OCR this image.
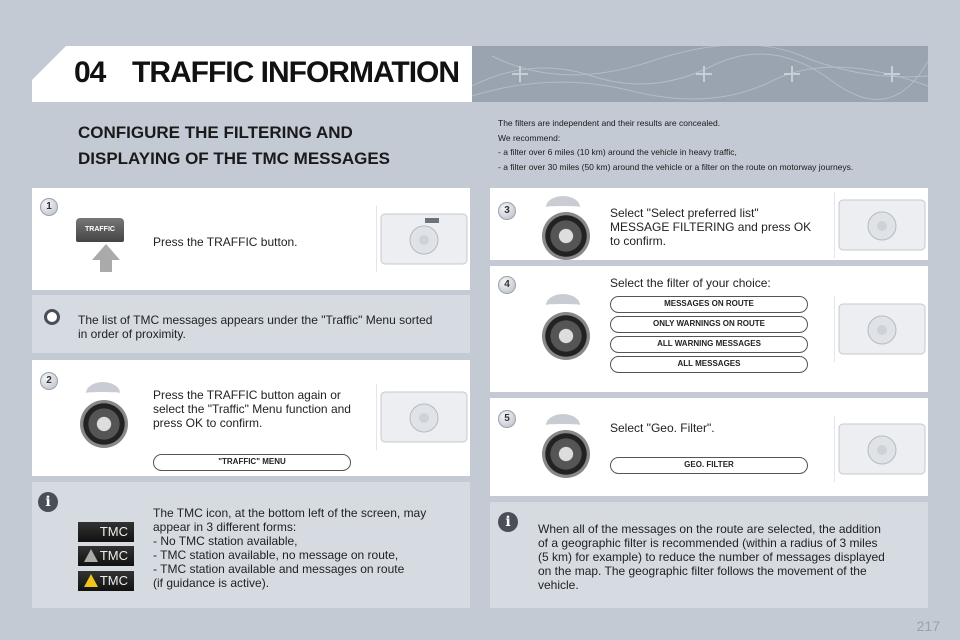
04 TRAFFIC INFORMATION
CONFIGURE THE FILTERING AND
DISPLAYING OF THE TMC MESSAGES
The filters are independent and their results are concealed.
We recommend:
- a filter over 6 miles (10 km) around the vehicle in heavy traffic,
- a filter over 30 miles (50 km) around the vehicle or a filter on the route on motorway journeys.
1
TRAFFIC
Press the TRAFFIC button.
The list of TMC messages appears under the "Traffic" Menu sorted
in order of proximity.
2
Press the TRAFFIC button again or
select the "Traffic" Menu function and
press OK to confirm.
"TRAFFIC" MENU
i
The TMC icon, at the bottom left of the screen, may
appear in 3 different forms:
- No TMC station available,
- TMC station available, no message on route,
- TMC station available and messages on route
(if guidance is active).
TMC
TMC
TMC
3	Select "Select preferred list"
MESSAGE FILTERING and press OK
to confirm.
4	Select the filter of your choice:
MESSAGES ON ROUTE
ONLY WARNINGS ON ROUTE
ALL WARNING MESSAGES
ALL MESSAGES
5
Select "Geo. Filter".
GEO. FILTER
i	When all of the messages on the route are selected, the addition
of a geographic filter is recommended (within a radius of 3 miles
(5 km) for example) to reduce the number of messages displayed
on the map. The geographic filter follows the movement of the
vehicle.
217
